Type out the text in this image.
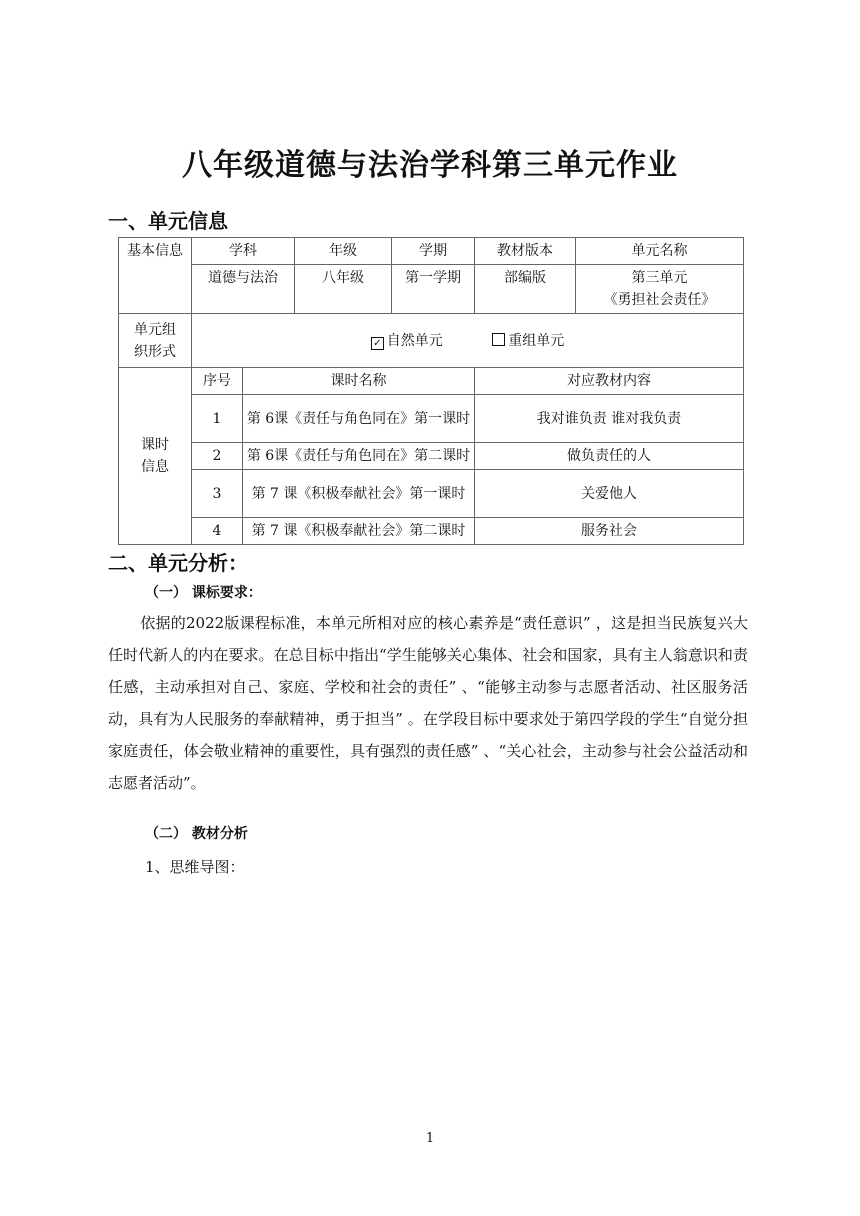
八年级道德与法治学科第三单元作业
一、单元信息
基本信息	学科		年级	学期	教材版本	单元名称
	道德与法治		八年级	第一学期	部编版	第三单元
《勇担社会责任》

单元组
织形式	✓ 自然单元 重组单元					

课时
信息	序号	课时名称			对应教材内容	
	1	第 6课《责任与角色同在》第一课时			我对谁负责 谁对我负责	
	2	第 6课《责任与角色同在》第二课时			做负责任的人	
	3	第 7 课《积极奉献社会》第一课时			关爱他人	
	4	第 7 课《积极奉献社会》第二课时			服务社会	
二、单元分析：
（一） 课标要求：
依据的2022版课程标准，本单元所相对应的核心素养是“责任意识” ，这是担当民族复兴大任时代新人的内在要求。在总目标中指出“学生能够关心集体、社会和国家，具有主人翁意识和责任感，主动承担对自己、家庭、学校和社会的责任” 、“能够主动参与志愿者活动、社区服务活动，具有为人民服务的奉献精神，勇于担当” 。在学段目标中要求处于第四学段的学生“自觉分担家庭责任，体会敬业精神的重要性，具有强烈的责任感” 、“关心社会，主动参与社会公益活动和志愿者活动”。
（二） 教材分析
1、思维导图：
1
